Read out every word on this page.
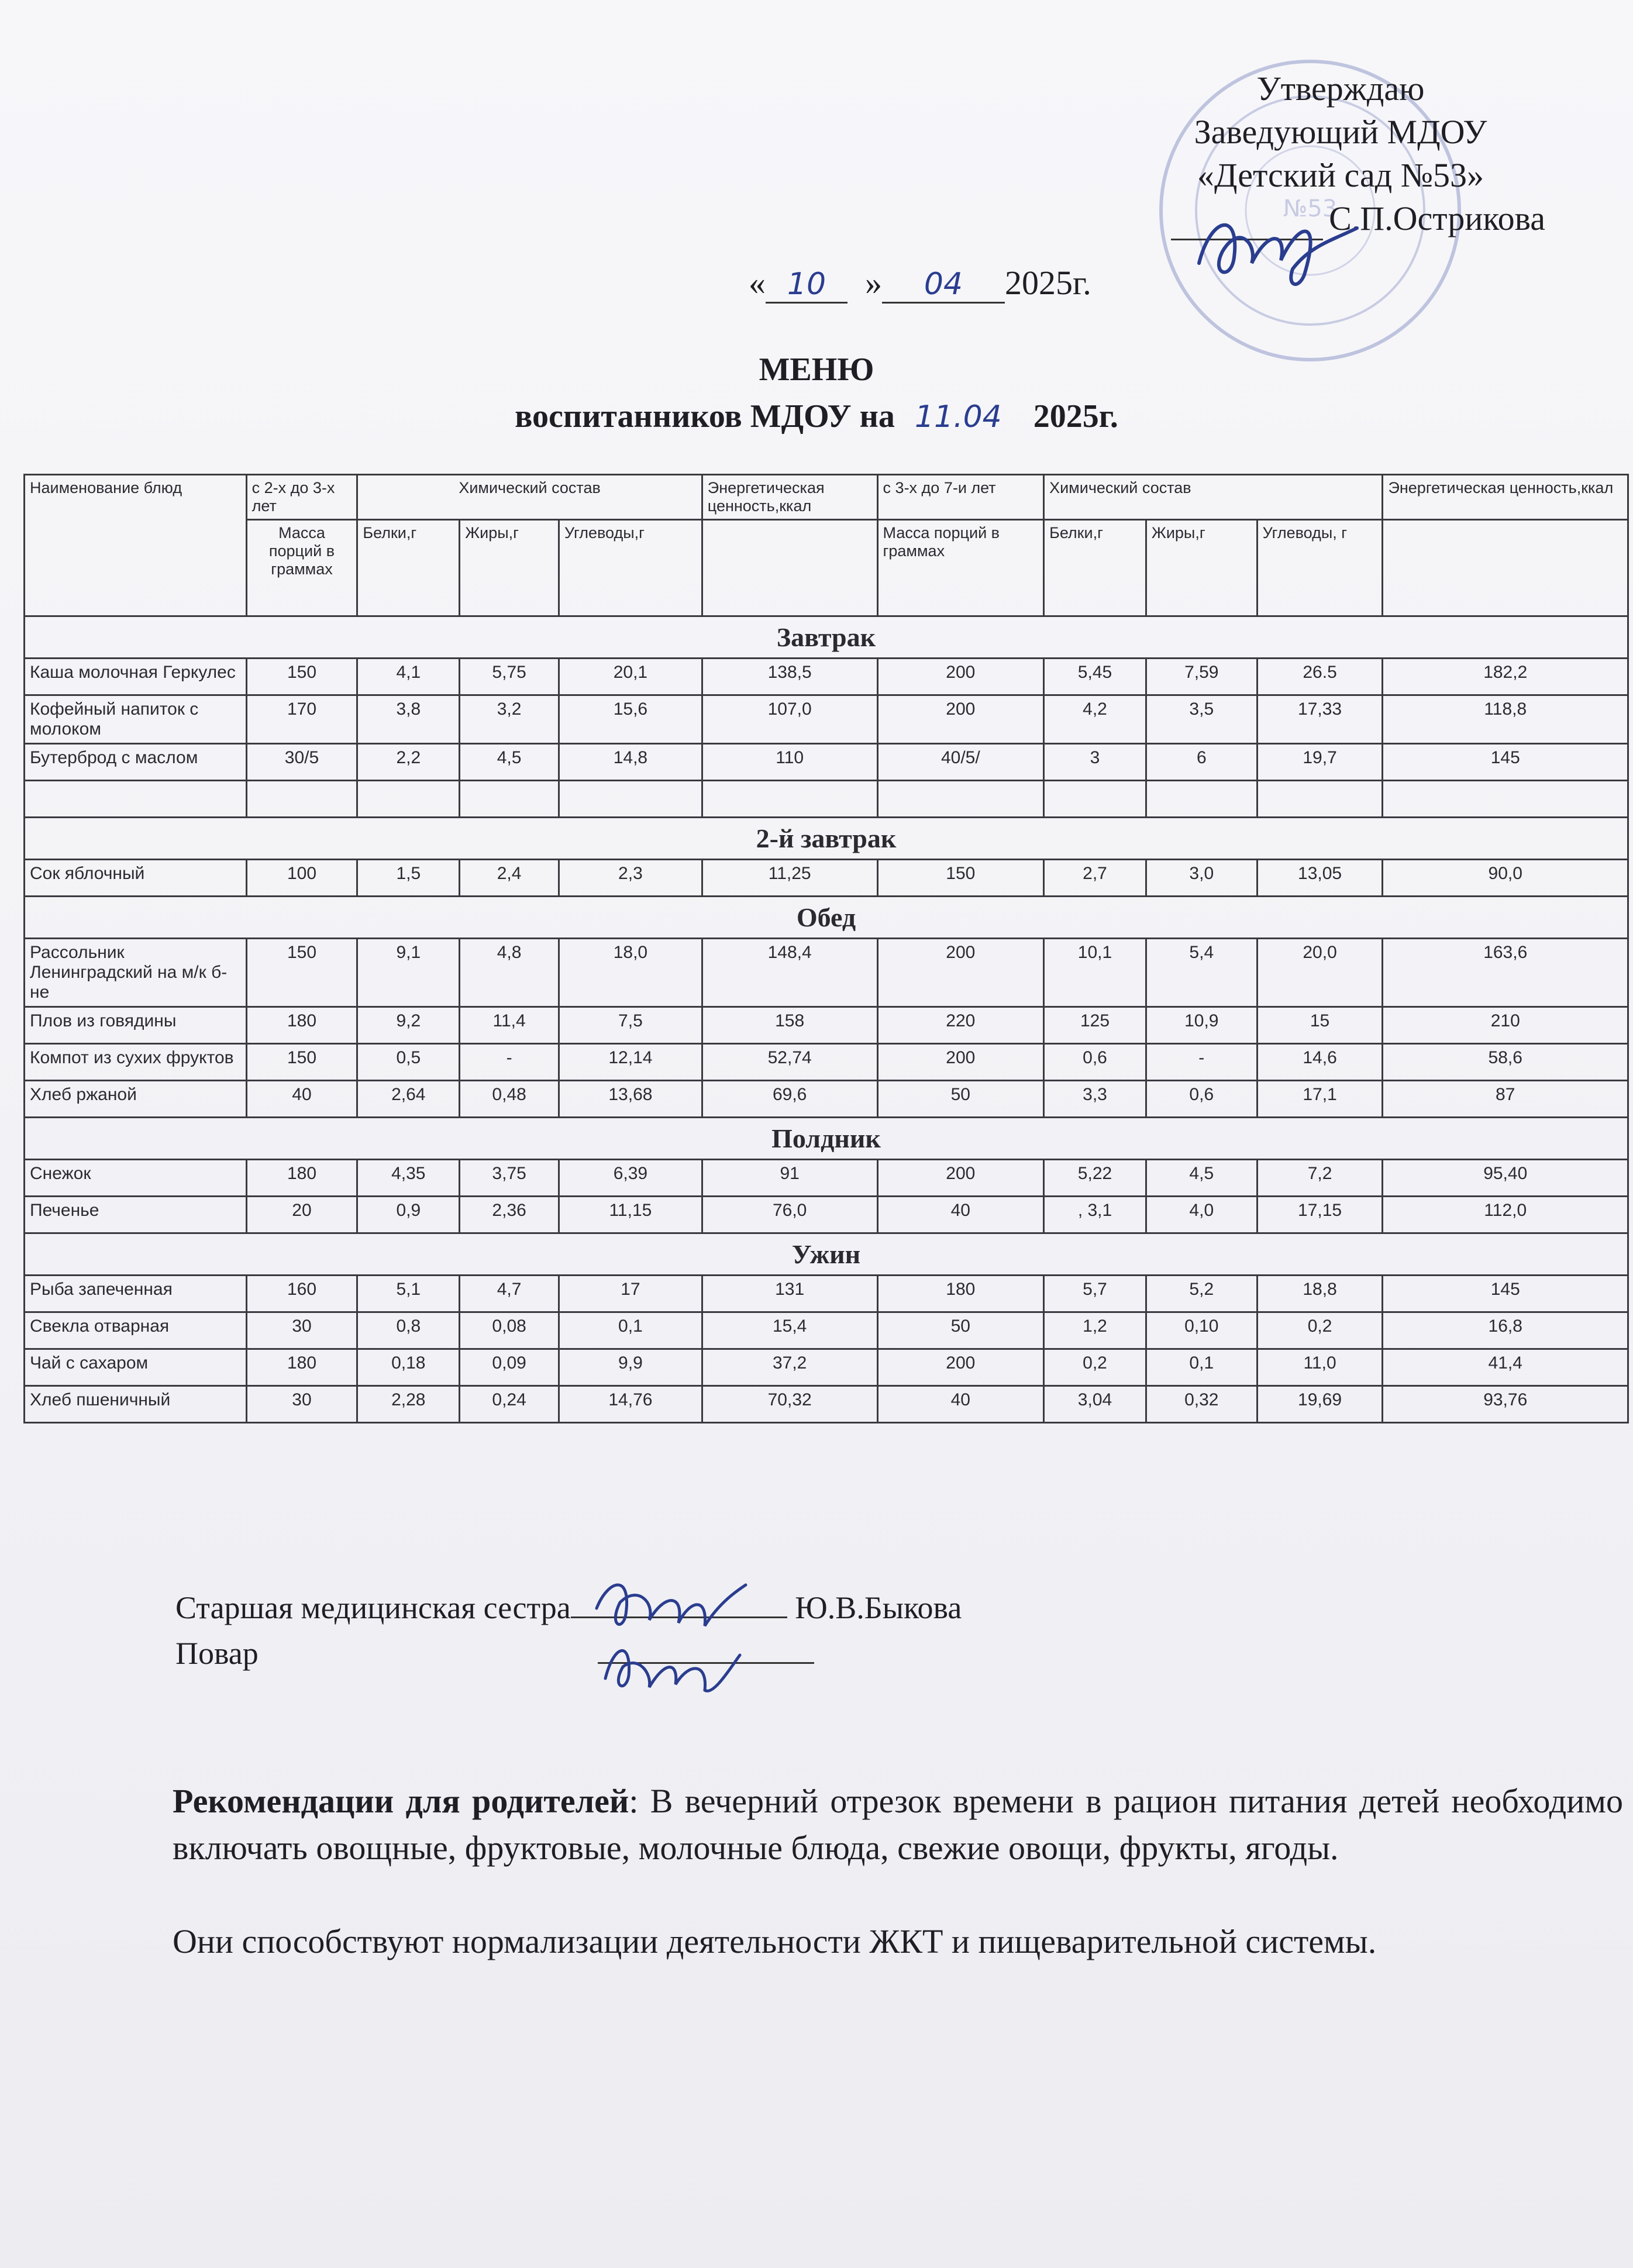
№53
Утверждаю
Заведующий МДОУ
«Детский сад №53»
С.П.Острикова
« 10 » 04 2025г.
МЕНЮ
воспитанников МДОУ на 11.04 2025г.
Наименование блюд	с 2-х до 3-х лет	Химический состав			Энергетическая ценность,ккал	с 3-х до 7-и лет	Химический состав			Энергетическая ценность,ккал
	Масса порций в граммах	Белки,г	Жиры,г	Углеводы,г		Масса порций в граммах	Белки,г	Жиры,г	Углеводы, г	
Завтрак										
Каша молочная Геркулес	150	4,1	5,75	20,1	138,5	200	5,45	7,59	26.5	182,2
Кофейный напиток с молоком	170	3,8	3,2	15,6	107,0	200	4,2	3,5	17,33	118,8
Бутерброд с маслом	30/5	2,2	4,5	14,8	110	40/5/	3	6	19,7	145

2-й завтрак										
Сок яблочный	100	1,5	2,4	2,3	11,25	150	2,7	3,0	13,05	90,0
Обед										
Рассольник Ленинградский на м/к б-не	150	9,1	4,8	18,0	148,4	200	10,1	5,4	20,0	163,6
Плов из говядины	180	9,2	11,4	7,5	158	220	125	10,9	15	210
Компот из сухих фруктов	150	0,5	-	12,14	52,74	200	0,6	-	14,6	58,6
Хлеб ржаной	40	2,64	0,48	13,68	69,6	50	3,3	0,6	17,1	87
Полдник										
Снежок	180	4,35	3,75	6,39	91	200	5,22	4,5	7,2	95,40
Печенье	20	0,9	2,36	11,15	76,0	40	, 3,1	4,0	17,15	112,0
Ужин										
Рыба запеченная	160	5,1	4,7	17	131	180	5,7	5,2	18,8	145
Свекла отварная	30	0,8	0,08	0,1	15,4	50	1,2	0,10	0,2	16,8
Чай с сахаром	180	0,18	0,09	9,9	37,2	200	0,2	0,1	11,0	41,4
Хлеб пшеничный	30	2,28	0,24	14,76	70,32	40	3,04	0,32	19,69	93,76
Старшая медицинская сестра	Ю.В.Быкова
Повар
Рекомендации для родителей: В вечерний отрезок времени в рацион питания детей необходимо включать овощные, фруктовые, молочные блюда, свежие овощи, фрукты, ягоды.
Они способствуют нормализации деятельности ЖКТ и пищеварительной системы.
